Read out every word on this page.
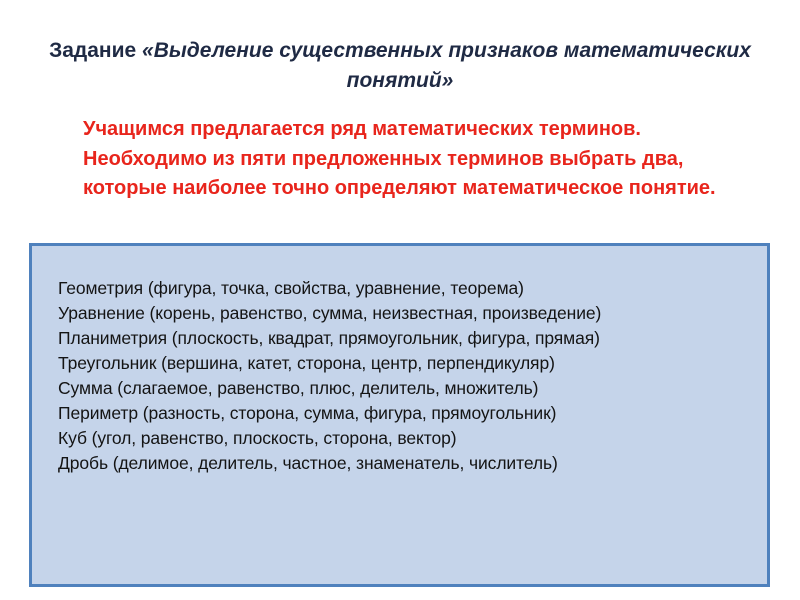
Задание «Выделение существенных признаков математических понятий»

Учащимся предлагается ряд математических терминов. Необходимо из пяти предложенных терминов выбрать два, которые наиболее точно определяют математическое понятие.

Геометрия (фигура, точка, свойства, уравнение, теорема)
Уравнение (корень, равенство, сумма, неизвестная, произведение)
Планиметрия (плоскость, квадрат, прямоугольник, фигура, прямая)
Треугольник (вершина, катет, сторона, центр, перпендикуляр)
Сумма (слагаемое, равенство, плюс, делитель, множитель)
Периметр (разность, сторона, сумма, фигура, прямоугольник)
Куб (угол, равенство, плоскость, сторона, вектор)
Дробь (делимое, делитель, частное, знаменатель, числитель)
